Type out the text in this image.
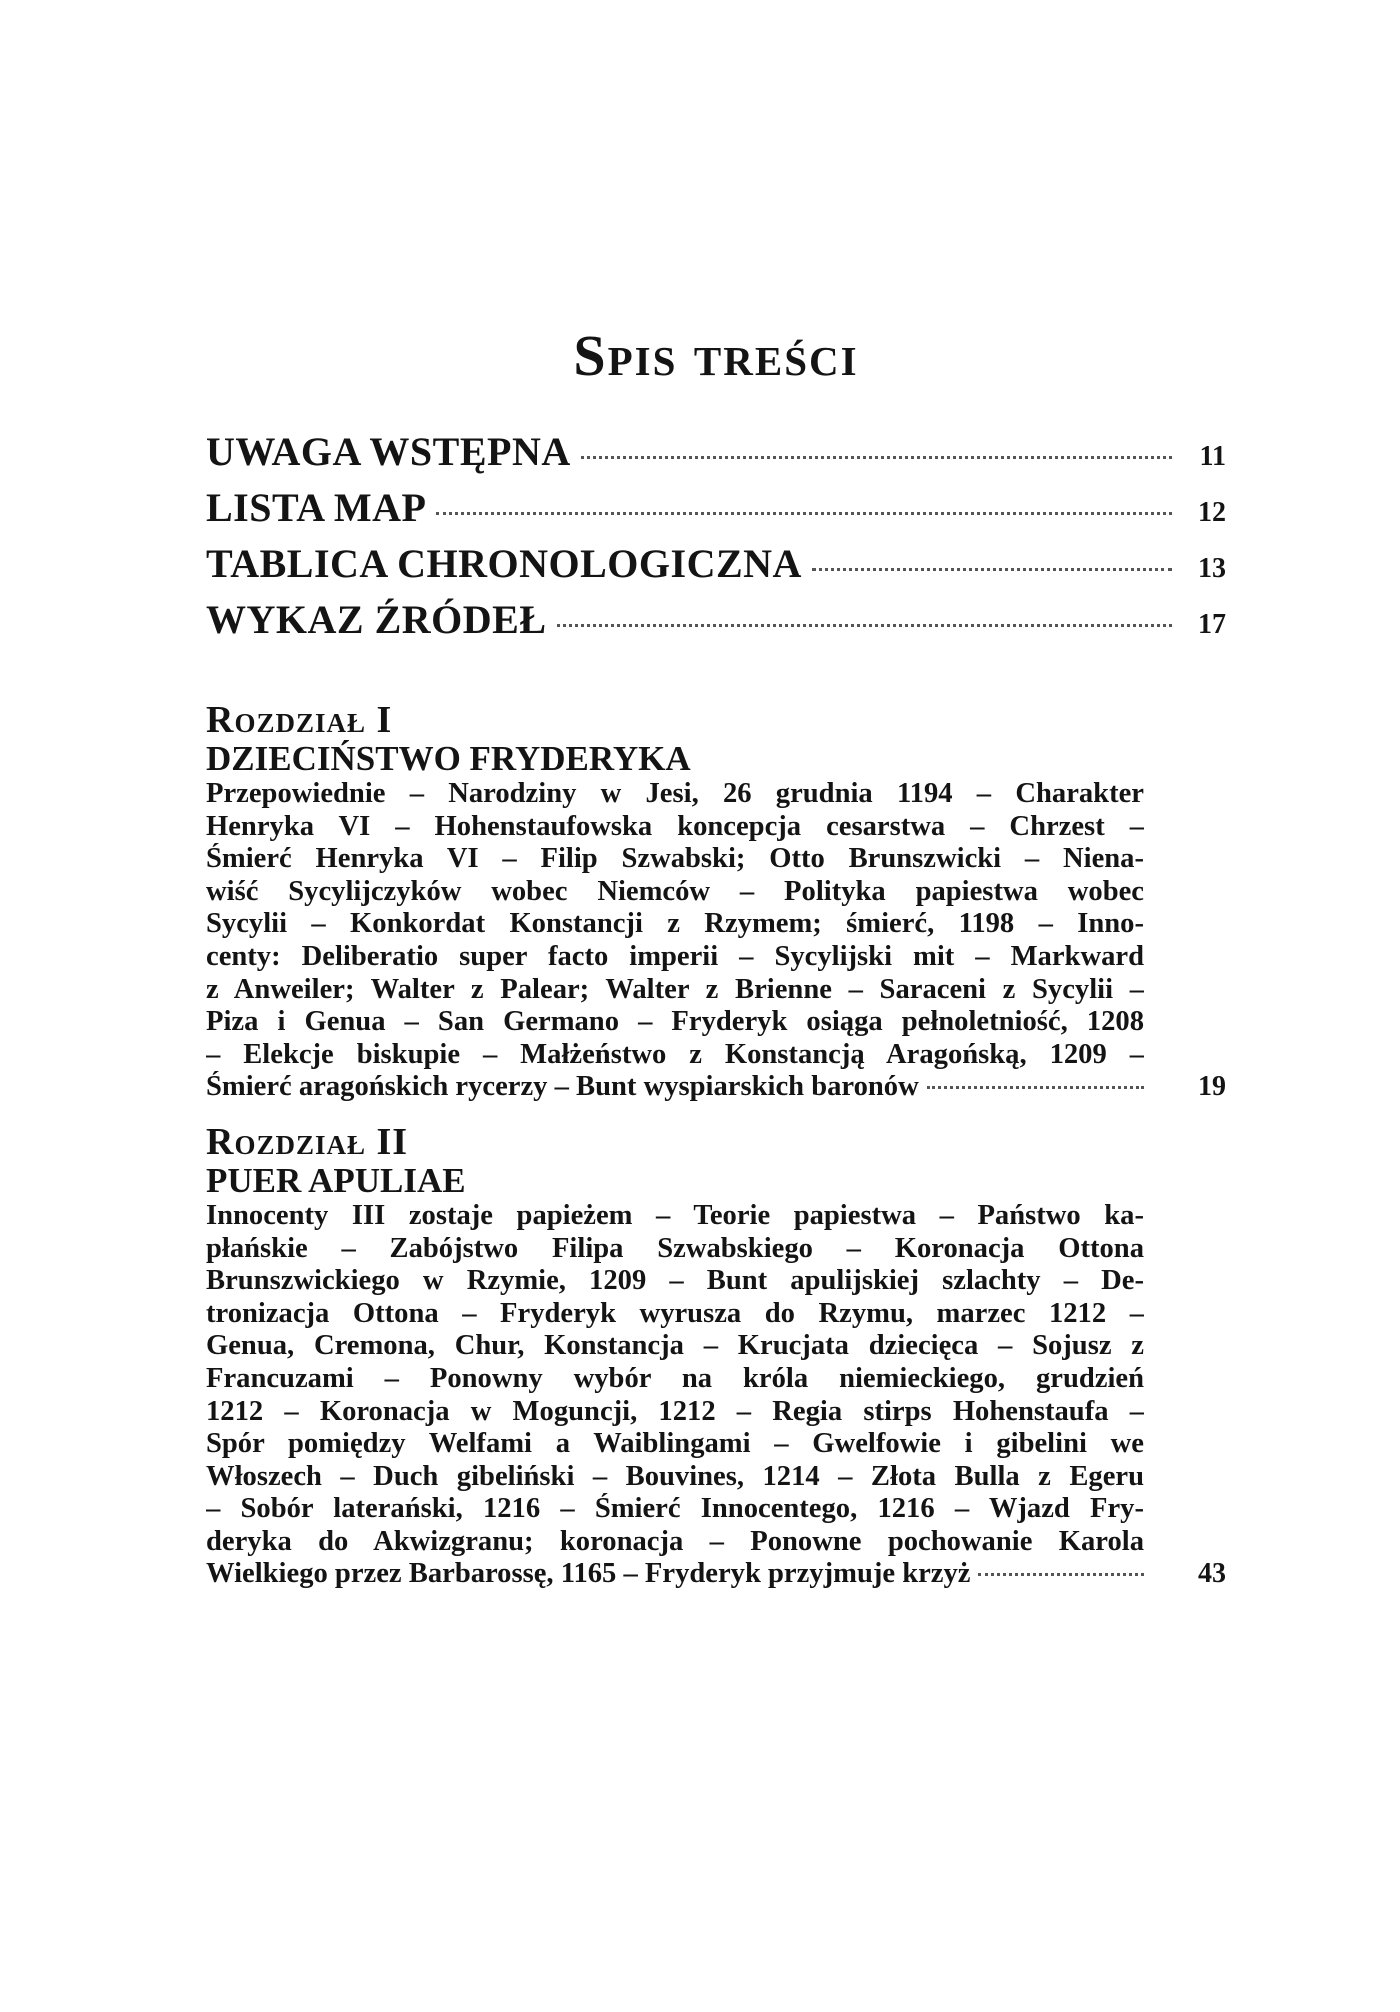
Spis treści
UWAGA WSTĘPNA	11
LISTA MAP	12
TABLICA CHRONOLOGICZNA	13
WYKAZ ŹRÓDEŁ	17
Rozdział I
DZIECIŃSTWO FRYDERYKA
Przepowiednie – Narodziny w Jesi, 26 grudnia 1194 – Charakter
Henryka VI – Hohenstaufowska koncepcja cesarstwa – Chrzest –
Śmierć Henryka VI – Filip Szwabski; Otto Brunszwicki – Niena-
wiść Sycylijczyków wobec Niemców – Polityka papiestwa wobec
Sycylii – Konkordat Konstancji z Rzymem; śmierć, 1198 – Inno-
centy: Deliberatio super facto imperii – Sycylijski mit – Markward
z Anweiler; Walter z Palear; Walter z Brienne – Saraceni z Sycylii –
Piza i Genua – San Germano – Fryderyk osiąga pełnoletniość, 1208
– Elekcje biskupie – Małżeństwo z Konstancją Aragońską, 1209 –
Śmierć aragońskich rycerzy – Bunt wyspiarskich baronów	19
Rozdział II
PUER APULIAE
Innocenty III zostaje papieżem – Teorie papiestwa – Państwo ka-
płańskie – Zabójstwo Filipa Szwabskiego – Koronacja Ottona
Brunszwickiego w Rzymie, 1209 – Bunt apulijskiej szlachty – De-
tronizacja Ottona – Fryderyk wyrusza do Rzymu, marzec 1212 –
Genua, Cremona, Chur, Konstancja – Krucjata dziecięca – Sojusz z
Francuzami – Ponowny wybór na króla niemieckiego, grudzień
1212 – Koronacja w Moguncji, 1212 – Regia stirps Hohenstaufa –
Spór pomiędzy Welfami a Waiblingami – Gwelfowie i gibelini we
Włoszech – Duch gibeliński – Bouvines, 1214 – Złota Bulla z Egeru
– Sobór laterański, 1216 – Śmierć Innocentego, 1216 – Wjazd Fry-
deryka do Akwizgranu; koronacja – Ponowne pochowanie Karola
Wielkiego przez Barbarossę, 1165 – Fryderyk przyjmuje krzyż	43
